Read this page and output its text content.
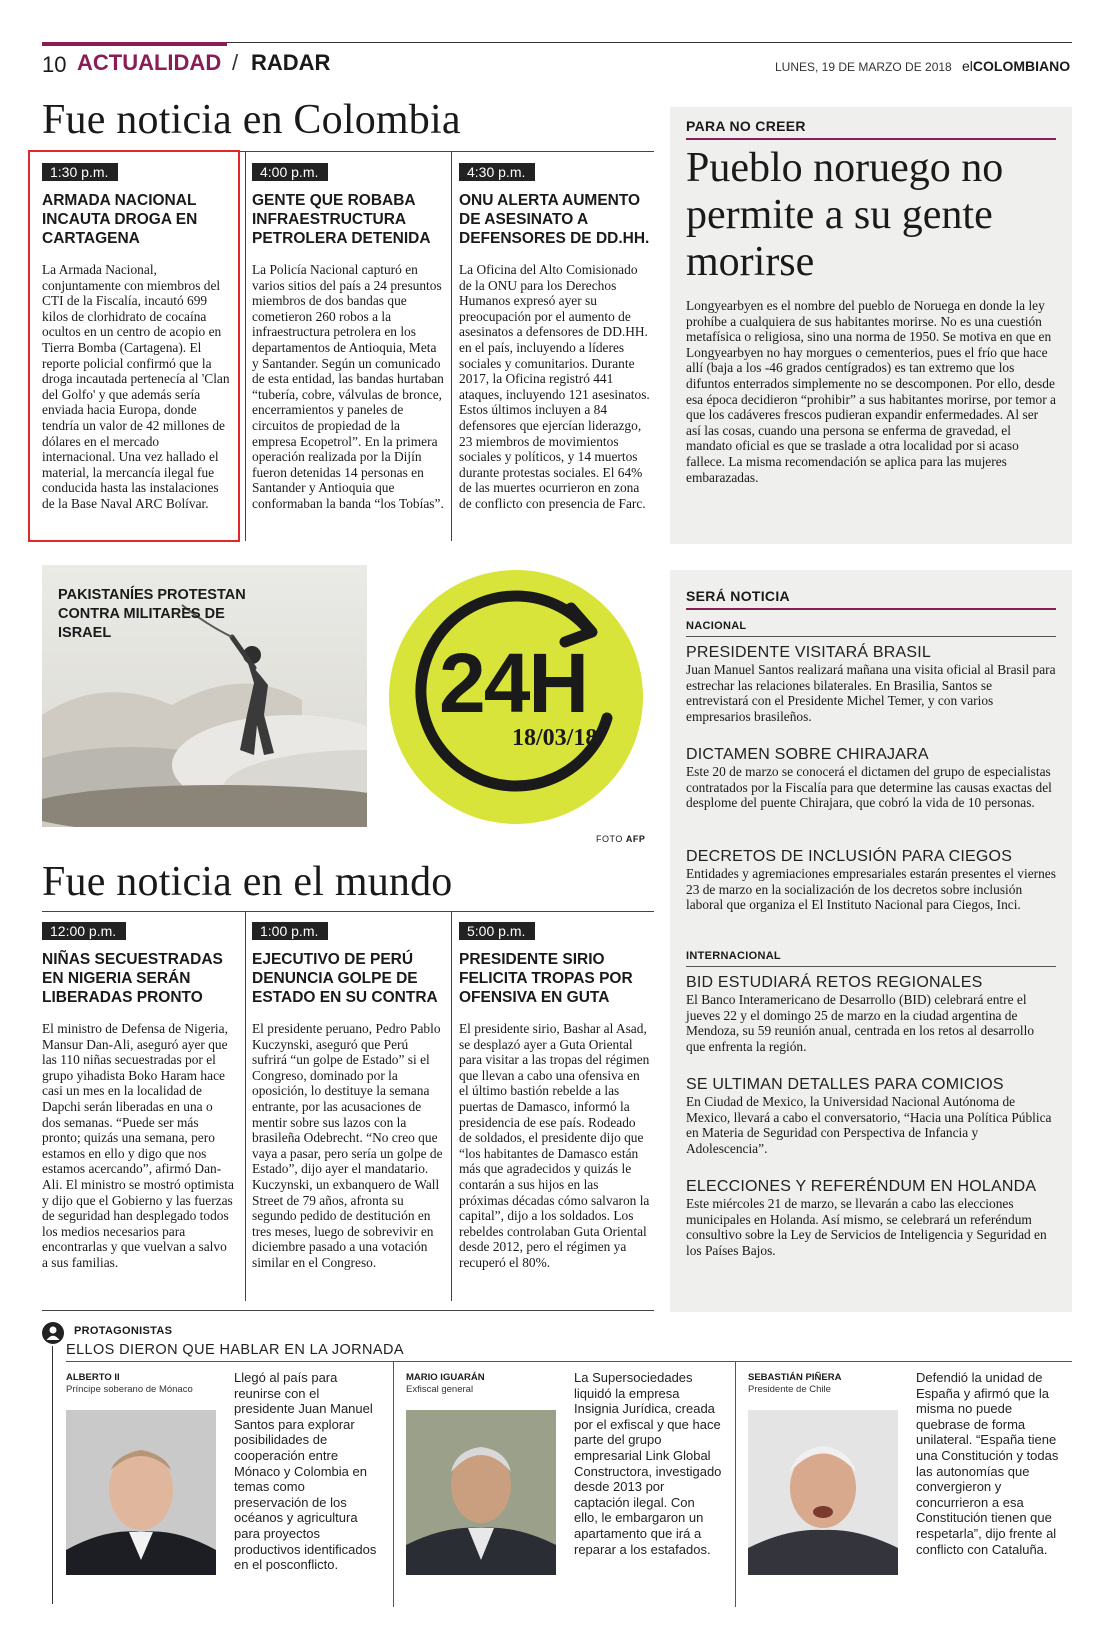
10 ACTUALIDAD / RADAR	LUNES, 19 DE MARZO DE 2018 elCOLOMBIANO
Fue noticia en Colombia
1:30 p.m.
ARMADA NACIONAL INCAUTA DROGA EN CARTAGENA
La Armada Nacional, conjuntamente con miembros del CTI de la Fiscalía, incautó 699 kilos de clorhidrato de cocaína ocultos en un centro de acopio en Tierra Bomba (Cartagena). El reporte policial confirmó que la droga incautada pertenecía al 'Clan del Golfo' y que además sería enviada hacia Europa, donde tendría un valor de 42 millones de dólares en el mercado internacional. Una vez hallado el material, la mercancía ilegal fue conducida hasta las instalaciones de la Base Naval ARC Bolívar.
4:00 p.m.
GENTE QUE ROBABA INFRAESTRUCTURA PETROLERA DETENIDA
La Policía Nacional capturó en varios sitios del país a 24 presuntos miembros de dos bandas que cometieron 260 robos a la infraestructura petrolera en los departamentos de Antioquia, Meta y Santander. Según un comunicado de esta entidad, las bandas hurtaban “tubería, cobre, válvulas de bronce, encerramientos y paneles de circuitos de propiedad de la empresa Ecopetrol”. En la primera operación realizada por la Dijín fueron detenidas 14 personas en Santander y Antioquia que conformaban la banda “los Tobías”.
4:30 p.m.
ONU ALERTA AUMENTO DE ASESINATO A DEFENSORES DE DD.HH.
La Oficina del Alto Comisionado de la ONU para los Derechos Humanos expresó ayer su preocupación por el aumento de asesinatos a defensores de DD.HH. en el país, incluyendo a líderes sociales y comunitarios. Durante 2017, la Oficina registró 441 ataques, incluyendo 121 asesinatos. Estos últimos incluyen a 84 defensores que ejercían liderazgo, 23 miembros de movimientos sociales y políticos, y 14 muertos durante protestas sociales. El 64% de las muertes ocurrieron en zona de conflicto con presencia de Farc.
PARA NO CREER
Pueblo noruego no permite a su gente morirse
Longyearbyen es el nombre del pueblo de Noruega en donde la ley prohíbe a cualquiera de sus habitantes morirse. No es una cuestión metafísica o religiosa, sino una norma de 1950. Se motiva en que en Longyearbyen no hay morgues o cementerios, pues el frío que hace allí (baja a los -46 grados centígrados) es tan extremo que los difuntos enterrados simplemente no se descomponen. Por ello, desde esa época decidieron “prohibir” a sus habitantes morirse, por temor a que los cadáveres frescos pudieran expandir enfermedades. Al ser así las cosas, cuando una persona se enferma de gravedad, el mandato oficial es que se traslade a otra localidad por si acaso fallece. La misma recomendación se aplica para las mujeres embarazadas.
24H
18/03/18
PAKISTANÍES PROTESTAN CONTRA MILITARES DE ISRAEL
FOTO AFP
Fue noticia en el mundo
12:00 p.m.
NIÑAS SECUESTRADAS EN NIGERIA SERÁN LIBERADAS PRONTO
El ministro de Defensa de Nigeria, Mansur Dan-Ali, aseguró ayer que las 110 niñas secuestradas por el grupo yihadista Boko Haram hace casi un mes en la localidad de Dapchi serán liberadas en una o dos semanas. “Puede ser más pronto; quizás una semana, pero estamos en ello y digo que nos estamos acercando”, afirmó Dan-Ali. El ministro se mostró optimista y dijo que el Gobierno y las fuerzas de seguridad han desplegado todos los medios necesarios para encontrarlas y que vuelvan a salvo a sus familias.
1:00 p.m.
EJECUTIVO DE PERÚ DENUNCIA GOLPE DE ESTADO EN SU CONTRA
El presidente peruano, Pedro Pablo Kuczynski, aseguró que Perú sufrirá “un golpe de Estado” si el Congreso, dominado por la oposición, lo destituye la semana entrante, por las acusaciones de mentir sobre sus lazos con la brasileña Odebrecht. “No creo que vaya a pasar, pero sería un golpe de Estado”, dijo ayer el mandatario. Kuczynski, un exbanquero de Wall Street de 79 años, afronta su segundo pedido de destitución en tres meses, luego de sobrevivir en diciembre pasado a una votación similar en el Congreso.
5:00 p.m.
PRESIDENTE SIRIO FELICITA TROPAS POR OFENSIVA EN GUTA
El presidente sirio, Bashar al Asad, se desplazó ayer a Guta Oriental para visitar a las tropas del régimen que llevan a cabo una ofensiva en el último bastión rebelde a las puertas de Damasco, informó la presidencia de ese país. Rodeado de soldados, el presidente dijo que “los habitantes de Damasco están más que agradecidos y quizás le contarán a sus hijos en las próximas décadas cómo salvaron la capital”, dijo a los soldados. Los rebeldes controlaban Guta Oriental desde 2012, pero el régimen ya recuperó el 80%.
SERÁ NOTICIA
NACIONAL
PRESIDENTE VISITARÁ BRASIL
Juan Manuel Santos realizará mañana una visita oficial al Brasil para estrechar las relaciones bilaterales. En Brasilia, Santos se entrevistará con el Presidente Michel Temer, y con varios empresarios brasileños.
DICTAMEN SOBRE CHIRAJARA
Este 20 de marzo se conocerá el dictamen del grupo de especialistas contratados por la Fiscalía para que determine las causas exactas del desplome del puente Chirajara, que cobró la vida de 10 personas.
DECRETOS DE INCLUSIÓN PARA CIEGOS
Entidades y agremiaciones empresariales estarán presentes el viernes 23 de marzo en la socialización de los decretos sobre inclusión laboral que organiza el El Instituto Nacional para Ciegos, Inci.
INTERNACIONAL
BID ESTUDIARÁ RETOS REGIONALES
El Banco Interamericano de Desarrollo (BID) celebrará entre el jueves 22 y el domingo 25 de marzo en la ciudad argentina de Mendoza, su 59 reunión anual, centrada en los retos al desarrollo que enfrenta la región.
SE ULTIMAN DETALLES PARA COMICIOS
En Ciudad de Mexico, la Universidad Nacional Autónoma de Mexico, llevará a cabo el conversatorio, “Hacia una Política Pública en Materia de Seguridad con Perspectiva de Infancia y Adolescencia”.
ELECCIONES Y REFERÉNDUM EN HOLANDA
Este miércoles 21 de marzo, se llevarán a cabo las elecciones municipales en Holanda. Así mismo, se celebrará un referéndum consultivo sobre la Ley de Servicios de Inteligencia y Seguridad en los Países Bajos.
PROTAGONISTAS
ELLOS DIERON QUE HABLAR EN LA JORNADA
ALBERTO II
Príncipe soberano de Mónaco
Llegó al país para reunirse con el presidente Juan Manuel Santos para explorar posibilidades de cooperación entre Mónaco y Colombia en temas como preservación de los océanos y agricultura para proyectos productivos identificados en el posconflicto.
MARIO IGUARÁN
Exfiscal general
La Supersociedades liquidó la empresa Insignia Jurídica, creada por el exfiscal y que hace parte del grupo empresarial Link Global Constructora, investigado desde 2013 por captación ilegal. Con ello, le embargaron un apartamento que irá a reparar a los estafados.
SEBASTIÁN PIÑERA
Presidente de Chile
Defendió la unidad de España y afirmó que la misma no puede quebrase de forma unilateral. “España tiene una Constitución y todas las autonomías que convergieron y concurrieron a esa Constitución tienen que respetarla”, dijo frente al conflicto con Cataluña.
